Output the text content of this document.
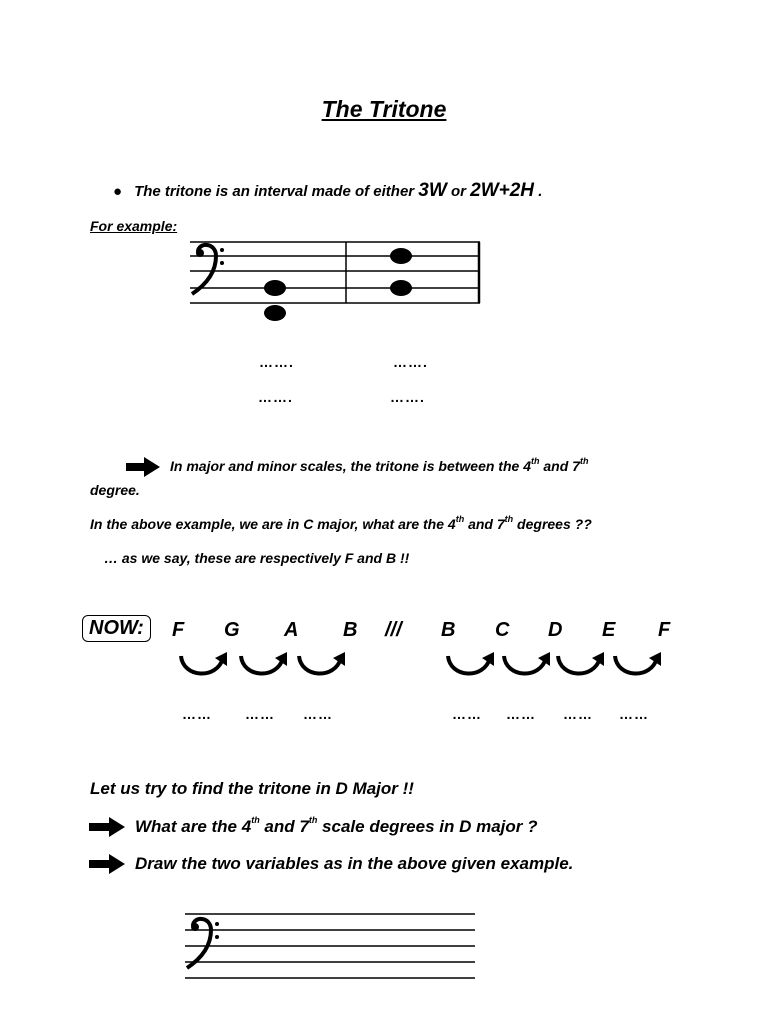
The Tritone
● The tritone is an interval made of either 3W or 2W+2H .
For example:
…….	…….
…….	…….
In major and minor scales, the tritone is between the 4th and 7th
degree.
In the above example, we are in C major, what are the 4th and 7th degrees ??
… as we say, these are respectively F and B !!
NOW:	F G A B /// B C D E F
…… …… ……	…… …… …… ……
Let us try to find the tritone in D Major !!
What are the 4th and 7th scale degrees in D major ?
Draw the two variables as in the above given example.
